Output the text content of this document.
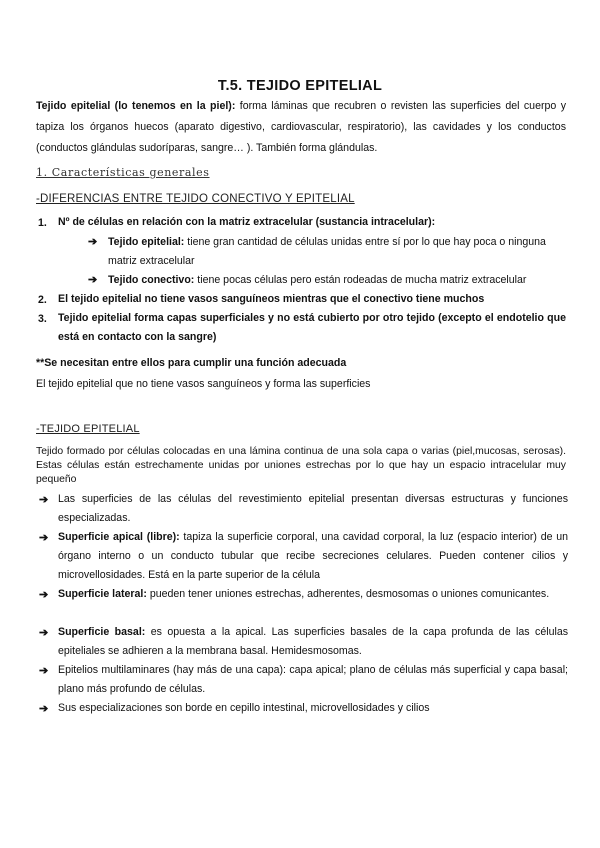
T.5. TEJIDO EPITELIAL
Tejido epitelial (lo tenemos en la piel): forma láminas que recubren o revisten las superficies del cuerpo y tapiza los órganos huecos (aparato digestivo, cardiovascular, respiratorio), las cavidades y los conductos (conductos glándulas sudoríparas, sangre… ). También forma glándulas.
1. Características generales
-DIFERENCIAS ENTRE TEJIDO CONECTIVO Y EPITELIAL
1. Nº de células en relación con la matriz extracelular (sustancia intracelular):
➔ Tejido epitelial: tiene gran cantidad de células unidas entre sí por lo que hay poca o ninguna matriz extracelular
➔ Tejido conectivo: tiene pocas células pero están rodeadas de mucha matriz extracelular
2. El tejido epitelial no tiene vasos sanguíneos mientras que el conectivo tiene muchos
3. Tejido epitelial forma capas superficiales y no está cubierto por otro tejido (excepto el endotelio que está en contacto con la sangre)
**Se necesitan entre ellos para cumplir una función adecuada
El tejido epitelial que no tiene vasos sanguíneos y forma las superficies
-TEJIDO EPITELIAL
Tejido formado por células colocadas en una lámina continua de una sola capa o varias (piel,mucosas, serosas). Estas células están estrechamente unidas por uniones estrechas por lo que hay un espacio intracelular muy pequeño
➔ Las superficies de las células del revestimiento epitelial presentan diversas estructuras y funciones especializadas.
➔ Superficie apical (libre): tapiza la superficie corporal, una cavidad corporal, la luz (espacio interior) de un órgano interno o un conducto tubular que recibe secreciones celulares. Pueden contener cilios y microvellosidades. Está en la parte superior de la célula
➔ Superficie lateral: pueden tener uniones estrechas, adherentes, desmosomas o uniones comunicantes.
➔ Superficie basal: es opuesta a la apical. Las superficies basales de la capa profunda de las células epiteliales se adhieren a la membrana basal. Hemidesmosomas.
➔ Epitelios multilaminares (hay más de una capa): capa apical; plano de células más superficial y capa basal; plano más profundo de células.
➔ Sus especializaciones son borde en cepillo intestinal, microvellosidades y cilios
